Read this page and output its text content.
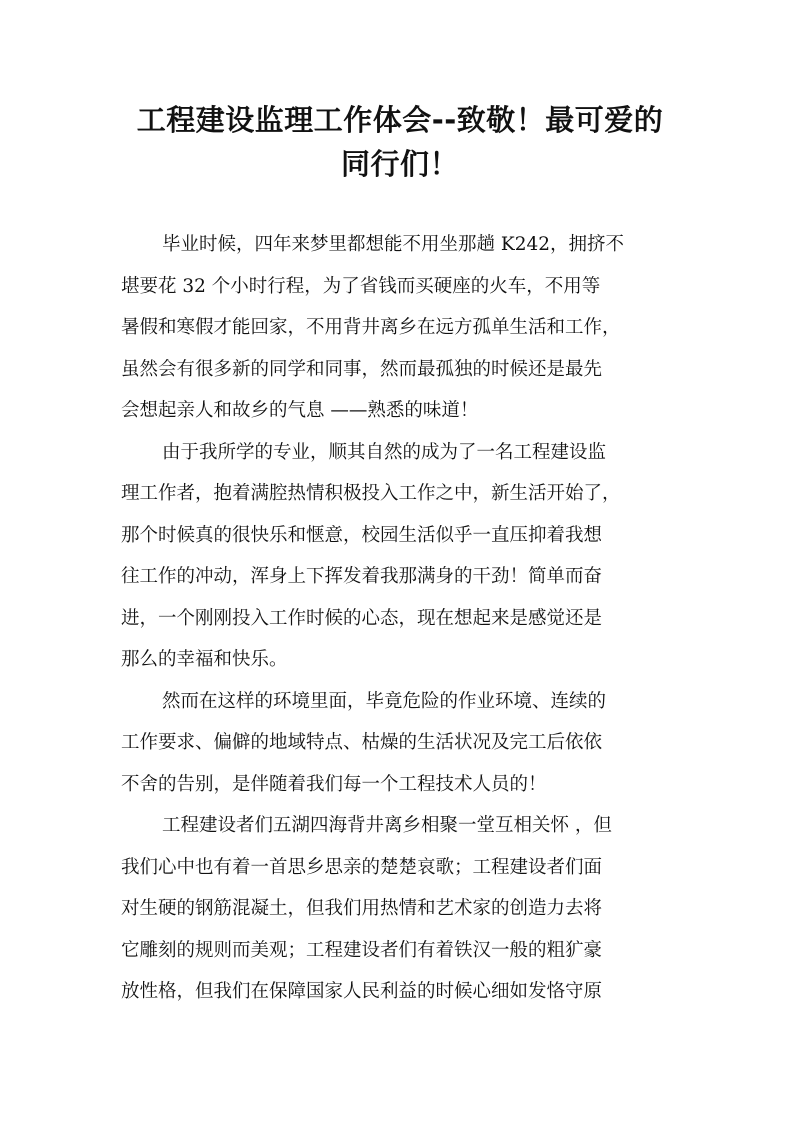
工程建设监理工作体会--致敬！最可爱的
同行们！

毕业时候，四年来梦里都想能不用坐那趟 K242，拥挤不
堪要花 32 个小时行程，为了省钱而买硬座的火车，不用等
暑假和寒假才能回家，不用背井离乡在远方孤单生活和工作，
虽然会有很多新的同学和同事，然而最孤独的时候还是最先
会想起亲人和故乡的气息 ——熟悉的味道！

由于我所学的专业，顺其自然的成为了一名工程建设监
理工作者，抱着满腔热情积极投入工作之中，新生活开始了，
那个时候真的很快乐和惬意，校园生活似乎一直压抑着我想
往工作的冲动，浑身上下挥发着我那满身的干劲！简单而奋
进，一个刚刚投入工作时候的心态，现在想起来是感觉还是
那么的幸福和快乐。

然而在这样的环境里面，毕竟危险的作业环境、连续的
工作要求、偏僻的地域特点、枯燥的生活状况及完工后依依
不舍的告别，是伴随着我们每一个工程技术人员的！

工程建设者们五湖四海背井离乡相聚一堂互相关怀 ，但
我们心中也有着一首思乡思亲的楚楚哀歌；工程建设者们面
对生硬的钢筋混凝土，但我们用热情和艺术家的创造力去将
它雕刻的规则而美观；工程建设者们有着铁汉一般的粗犷豪
放性格，但我们在保障国家人民利益的时候心细如发恪守原
